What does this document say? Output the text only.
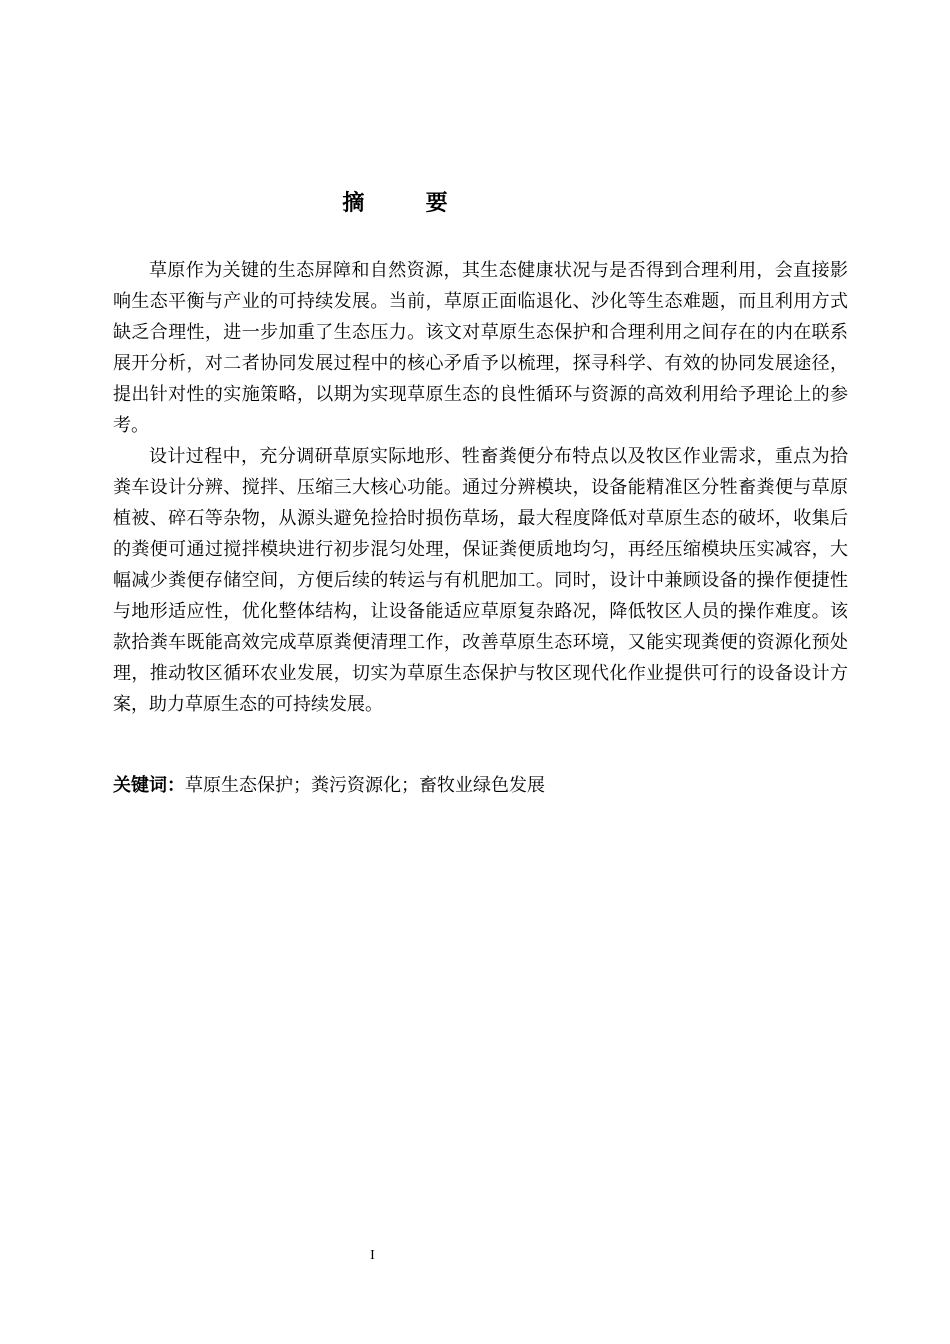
摘        要

草原作为关键的生态屏障和自然资源，其生态健康状况与是否得到合理利用，会直接影响生态平衡与产业的可持续发展。当前，草原正面临退化、沙化等生态难题，而且利用方式缺乏合理性，进一步加重了生态压力。该文对草原生态保护和合理利用之间存在的内在联系展开分析，对二者协同发展过程中的核心矛盾予以梳理，探寻科学、有效的协同发展途径，提出针对性的实施策略，以期为实现草原生态的良性循环与资源的高效利用给予理论上的参考。

设计过程中，充分调研草原实际地形、牲畜粪便分布特点以及牧区作业需求，重点为拾粪车设计分辨、搅拌、压缩三大核心功能。通过分辨模块，设备能精准区分牲畜粪便与草原植被、碎石等杂物，从源头避免捡拾时损伤草场，最大程度降低对草原生态的破坏，收集后的粪便可通过搅拌模块进行初步混匀处理，保证粪便质地均匀，再经压缩模块压实减容，大幅减少粪便存储空间，方便后续的转运与有机肥加工。同时，设计中兼顾设备的操作便捷性与地形适应性，优化整体结构，让设备能适应草原复杂路况，降低牧区人员的操作难度。该款拾粪车既能高效完成草原粪便清理工作，改善草原生态环境，又能实现粪便的资源化预处理，推动牧区循环农业发展，切实为草原生态保护与牧区现代化作业提供可行的设备设计方案，助力草原生态的可持续发展。

关键词：草原生态保护；粪污资源化；畜牧业绿色发展

I
